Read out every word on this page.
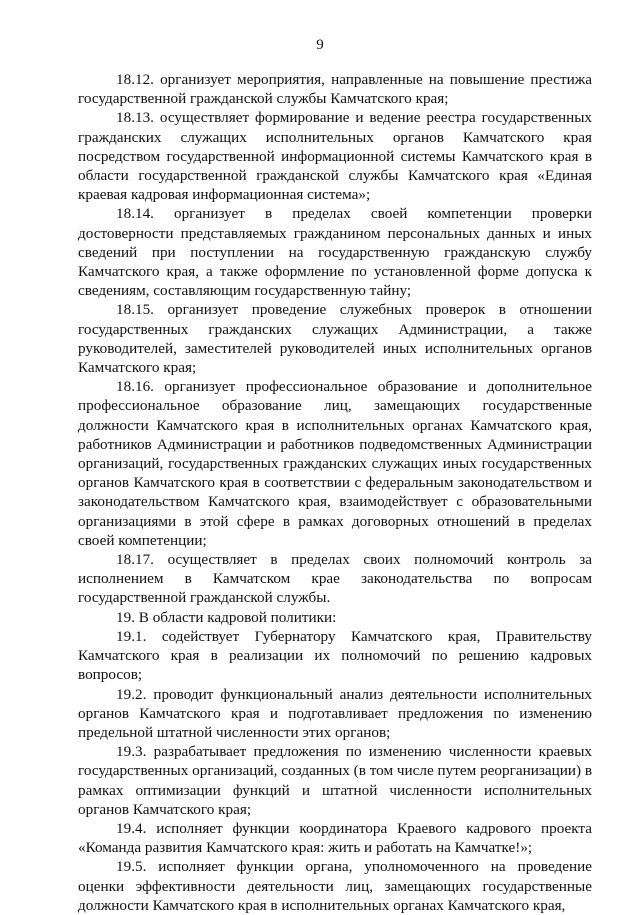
9

18.12. организует мероприятия, направленные на повышение престижа государственной гражданской службы Камчатского края;

18.13. осуществляет формирование и ведение реестра государственных гражданских служащих исполнительных органов Камчатского края посредством государственной информационной системы Камчатского края в области государственной гражданской службы Камчатского края «Единая краевая кадровая информационная система»;

18.14. организует в пределах своей компетенции проверки достоверности представляемых гражданином персональных данных и иных сведений при поступлении на государственную гражданскую службу Камчатского края, а также оформление по установленной форме допуска к сведениям, составляющим государственную тайну;

18.15. организует проведение служебных проверок в отношении государственных гражданских служащих Администрации, а также руководителей, заместителей руководителей иных исполнительных органов Камчатского края;

18.16. организует профессиональное образование и дополнительное профессиональное образование лиц, замещающих государственные должности Камчатского края в исполнительных органах Камчатского края, работников Администрации и работников подведомственных Администрации организаций, государственных гражданских служащих иных государственных органов Камчатского края в соответствии с федеральным законодательством и законодательством Камчатского края, взаимодействует с образовательными организациями в этой сфере в рамках договорных отношений в пределах своей компетенции;

18.17. осуществляет в пределах своих полномочий контроль за исполнением в Камчатском крае законодательства по вопросам государственной гражданской службы.

19. В области кадровой политики:

19.1. содействует Губернатору Камчатского края, Правительству Камчатского края в реализации их полномочий по решению кадровых вопросов;

19.2. проводит функциональный анализ деятельности исполнительных органов Камчатского края и подготавливает предложения по изменению предельной штатной численности этих органов;

19.3. разрабатывает предложения по изменению численности краевых государственных организаций, созданных (в том числе путем реорганизации) в рамках оптимизации функций и штатной численности исполнительных органов Камчатского края;

19.4. исполняет функции координатора Краевого кадрового проекта «Команда развития Камчатского края: жить и работать на Камчатке!»;

19.5. исполняет функции органа, уполномоченного на проведение оценки эффективности деятельности лиц, замещающих государственные должности Камчатского края в исполнительных органах Камчатского края,
